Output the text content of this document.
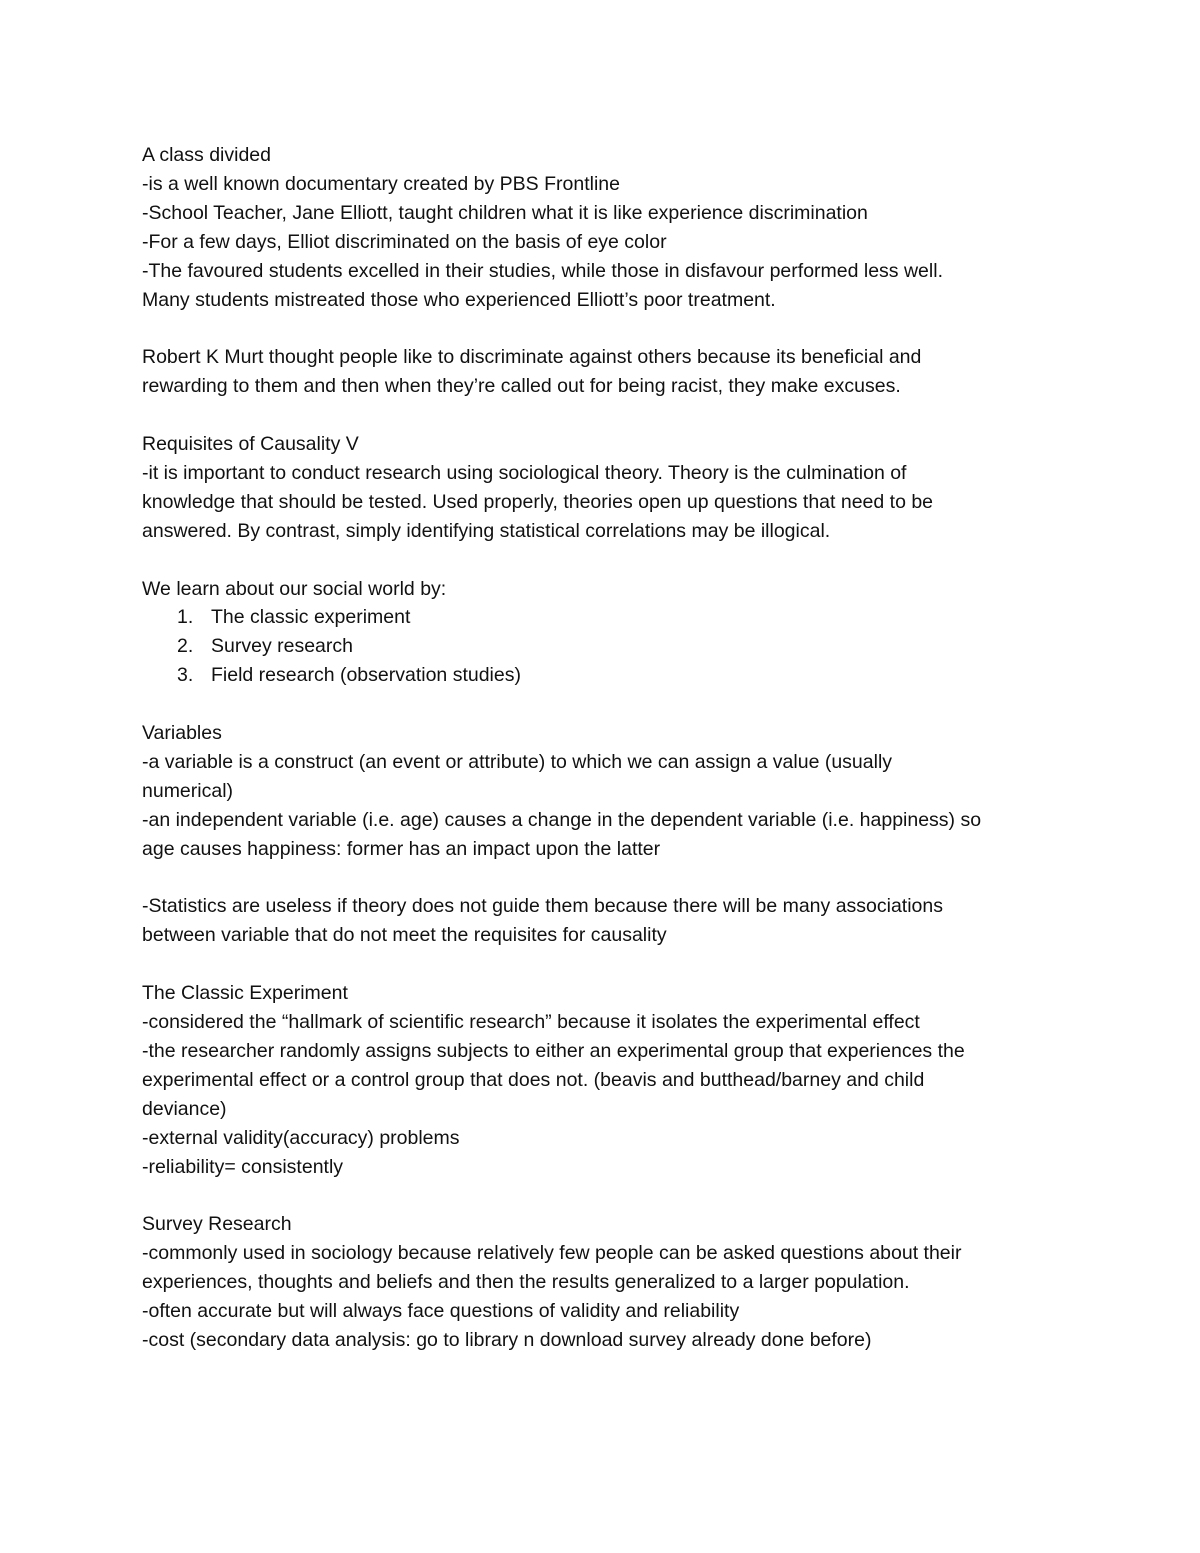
A class divided
-is a well known documentary created by PBS Frontline
-School Teacher, Jane Elliott, taught children what it is like experience discrimination
-For a few days, Elliot discriminated on the basis of eye color
-The favoured students excelled in their studies, while those in disfavour performed less well.
Many students mistreated those who experienced Elliott’s poor treatment.
Robert K Murt thought people like to discriminate against others because its beneficial and
rewarding to them and then when they’re called out for being racist, they make excuses.
Requisites of Causality V
-it is important to conduct research using sociological theory. Theory is the culmination of
knowledge that should be tested. Used properly, theories open up questions that need to be
answered. By contrast, simply identifying statistical correlations may be illogical.
We learn about our social world by:
1. The classic experiment
2. Survey research
3. Field research (observation studies)
Variables
-a variable is a construct (an event or attribute) to which we can assign a value (usually
numerical)
-an independent variable (i.e. age) causes a change in the dependent variable (i.e. happiness) so
age causes happiness: former has an impact upon the latter
-Statistics are useless if theory does not guide them because there will be many associations
between variable that do not meet the requisites for causality
The Classic Experiment
-considered the “hallmark of scientific research” because it isolates the experimental effect
-the researcher randomly assigns subjects to either an experimental group that experiences the
experimental effect or a control group that does not. (beavis and butthead/barney and child
deviance)
-external validity(accuracy) problems
-reliability= consistently
Survey Research
-commonly used in sociology because relatively few people can be asked questions about their
experiences, thoughts and beliefs and then the results generalized to a larger population.
-often accurate but will always face questions of validity and reliability
-cost (secondary data analysis: go to library n download survey already done before)
